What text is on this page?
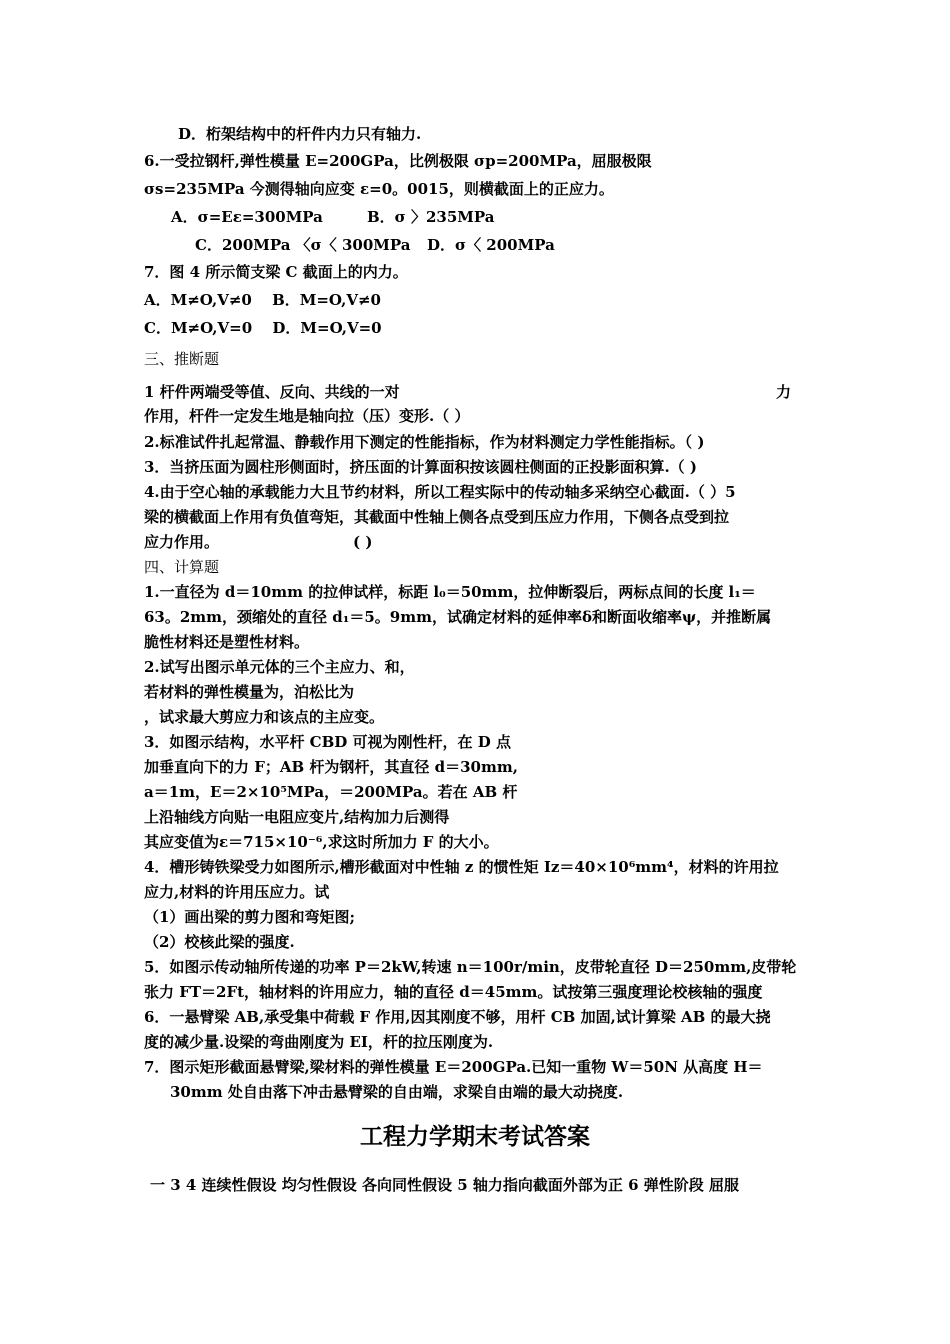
D．桁架结构中的杆件内力只有轴力.
6.一受拉钢杆,弹性模量 E=200GPa，比例极限 σp=200MPa，屈服极限
σs=235MPa 今测得轴向应变 ε=0。0015，则横截面上的正应力。
A．σ=Eε=300MPa	B．σ 〉235MPa
C．200MPa 〈σ〈 300MPa D．σ〈 200MPa
7．图 4 所示简支梁 C 截面上的内力。
A．M≠O,V≠0 　B．M=O,V≠0
C．M≠O,V=0 　D．M=O,V=0
三、推断题
1 杆件两端受等值、反向、共线的一对	力
作用，杆件一定发生地是轴向拉（压）变形.（ ）
2.标准试件扎起常温、静载作用下测定的性能指标，作为材料测定力学性能指标。（ )
3．当挤压面为圆柱形侧面时，挤压面的计算面积按该圆柱侧面的正投影面积算.（ )
4.由于空心轴的承载能力大且节约材料，所以工程实际中的传动轴多采纳空心截面.（ ）5
梁的横截面上作用有负值弯矩，其截面中性轴上侧各点受到压应力作用，下侧各点受到拉
应力作用。	( )
四、计算题
1.一直径为 d＝10mm 的拉伸试样，标距 l₀＝50mm，拉伸断裂后，两标点间的长度 l₁＝
63。2mm，颈缩处的直径 d₁＝5。9mm，试确定材料的延伸率δ和断面收缩率ψ，并推断属
脆性材料还是塑性材料。
2.试写出图示单元体的三个主应力、和，
若材料的弹性模量为，泊松比为
，试求最大剪应力和该点的主应变。
3．如图示结构，水平杆 CBD 可视为刚性杆，在 D 点
加垂直向下的力 F；AB 杆为钢杆，其直径 d＝30mm,
a＝1m，E＝2×10⁵MPa，＝200MPa。若在 AB 杆
上沿轴线方向贴一电阻应变片,结构加力后测得
其应变值为ε＝715×10⁻⁶,求这时所加力 F 的大小。
4．槽形铸铁梁受力如图所示,槽形截面对中性轴 z 的惯性矩 Iz＝40×10⁶mm⁴，材料的许用拉
应力,材料的许用压应力。试
（1）画出梁的剪力图和弯矩图;
（2）校核此梁的强度.
5．如图示传动轴所传递的功率 P＝2kW,转速 n＝100r/min，皮带轮直径 D＝250mm,皮带轮
张力 FT＝2Ft，轴材料的许用应力，轴的直径 d＝45mm。试按第三强度理论校核轴的强度
6．一悬臂梁 AB,承受集中荷载 F 作用,因其刚度不够，用杆 CB 加固,试计算梁 AB 的最大挠
度的减少量.设梁的弯曲刚度为 EI，杆的拉压刚度为.
7．图示矩形截面悬臂梁,梁材料的弹性模量 E＝200GPa.已知一重物 W＝50N 从高度 H＝
30mm 处自由落下冲击悬臂梁的自由端，求梁自由端的最大动挠度.
工程力学期末考试答案
一 3 4 连续性假设 均匀性假设 各向同性假设 5 轴力指向截面外部为正 6 弹性阶段 屈服
